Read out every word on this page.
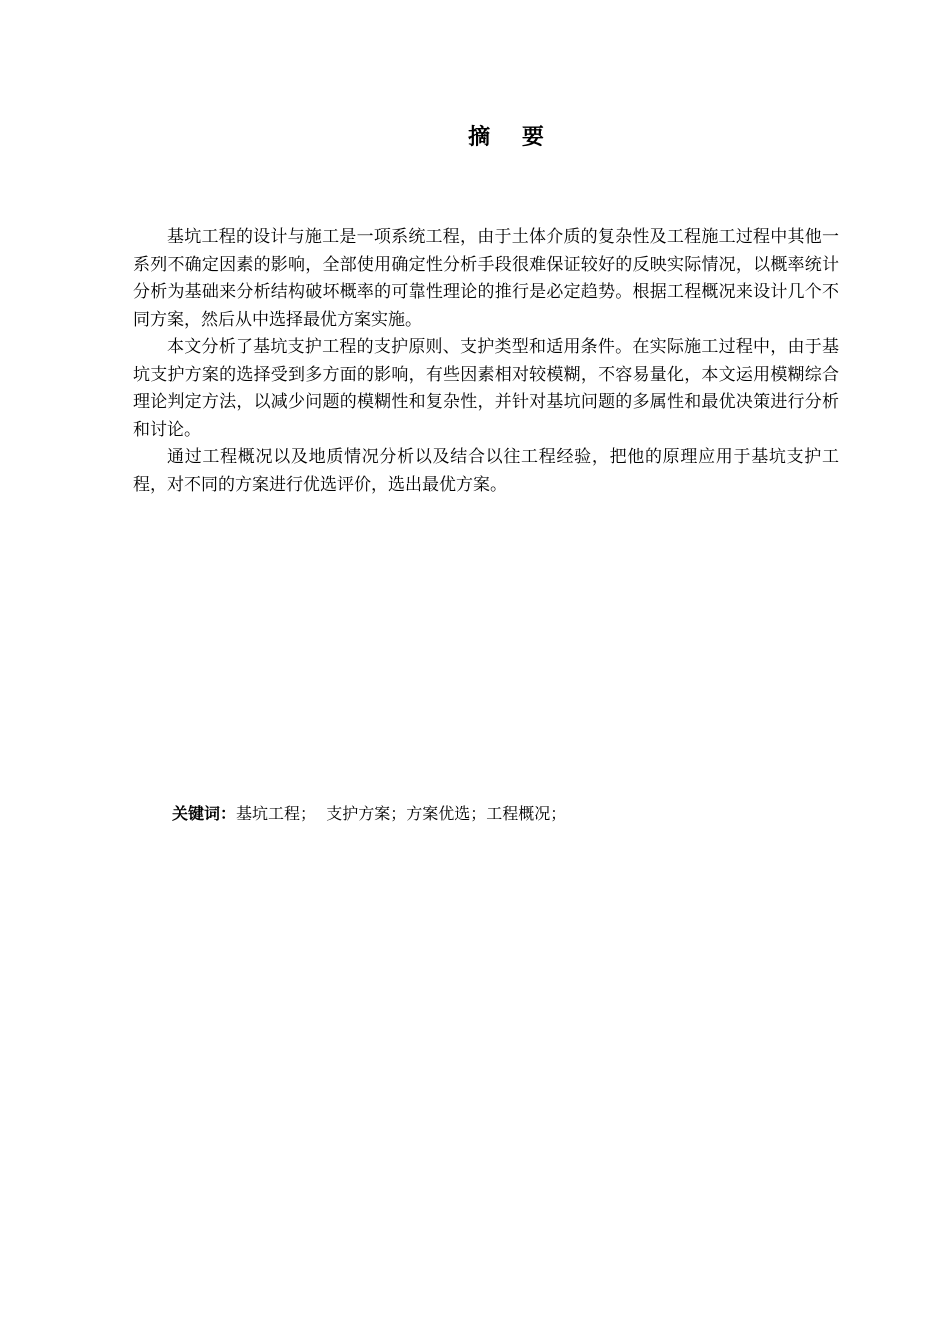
摘 要

基坑工程的设计与施工是一项系统工程，由于土体介质的复杂性及工程施工过程中其他一系列不确定因素的影响，全部使用确定性分析手段很难保证较好的反映实际情况，以概率统计分析为基础来分析结构破坏概率的可靠性理论的推行是必定趋势。根据工程概况来设计几个不同方案，然后从中选择最优方案实施。

本文分析了基坑支护工程的支护原则、支护类型和适用条件。在实际施工过程中，由于基坑支护方案的选择受到多方面的影响，有些因素相对较模糊，不容易量化，本文运用模糊综合理论判定方法，以减少问题的模糊性和复杂性，并针对基坑问题的多属性和最优决策进行分析和讨论。

通过工程概况以及地质情况分析以及结合以往工程经验，把他的原理应用于基坑支护工程，对不同的方案进行优选评价，选出最优方案。

关键词：基坑工程；  支护方案；方案优选；工程概况；
